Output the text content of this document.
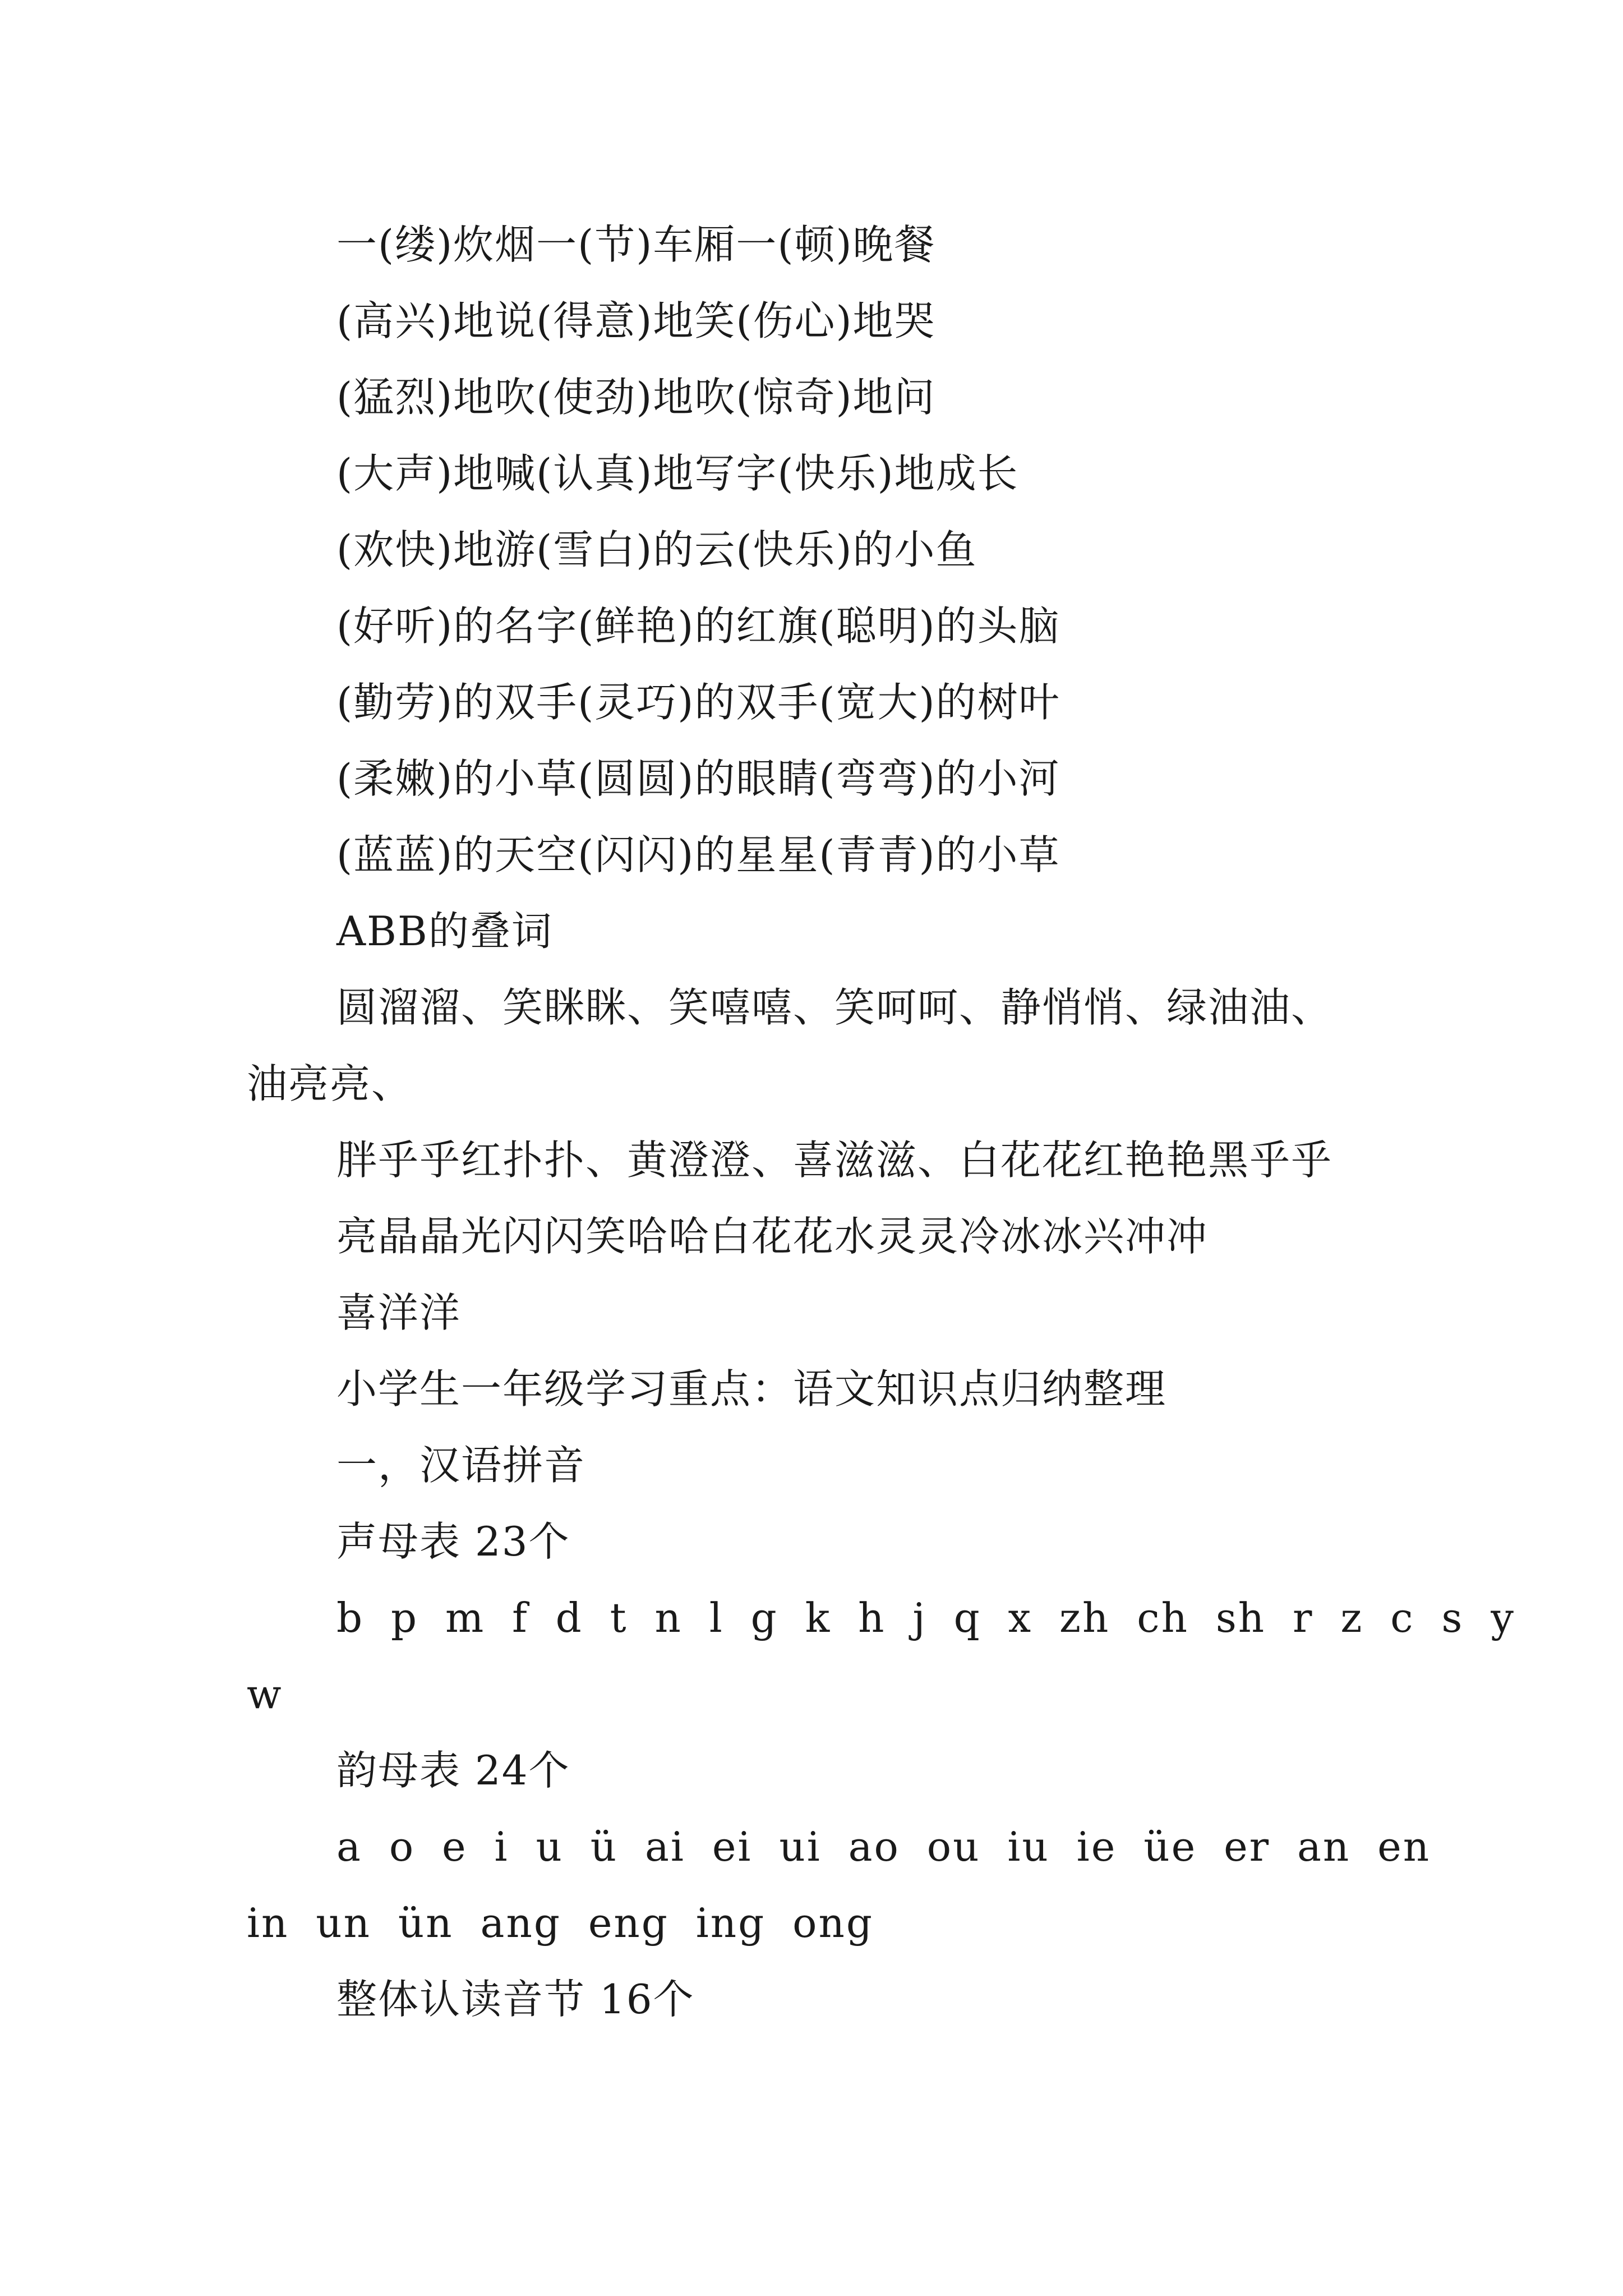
一(缕)炊烟一(节)车厢一(顿)晚餐
(高兴)地说(得意)地笑(伤心)地哭
(猛烈)地吹(使劲)地吹(惊奇)地问
(大声)地喊(认真)地写字(快乐)地成长
(欢快)地游(雪白)的云(快乐)的小鱼
(好听)的名字(鲜艳)的红旗(聪明)的头脑
(勤劳)的双手(灵巧)的双手(宽大)的树叶
(柔嫩)的小草(圆圆)的眼睛(弯弯)的小河
(蓝蓝)的天空(闪闪)的星星(青青)的小草
ABB的叠词
圆溜溜、笑眯眯、笑嘻嘻、笑呵呵、静悄悄、绿油油、
油亮亮、
胖乎乎红扑扑、黄澄澄、喜滋滋、白花花红艳艳黑乎乎
亮晶晶光闪闪笑哈哈白花花水灵灵冷冰冰兴冲冲
喜洋洋
小学生一年级学习重点：语文知识点归纳整理
一，汉语拼音
声母表 23个
b p m f d t n l g k h j q x zh ch sh r z c s y
w
韵母表 24个
a o e i u ü ai ei ui ao ou iu ie üe er an en
in un ün ang eng ing ong
整体认读音节 16个
